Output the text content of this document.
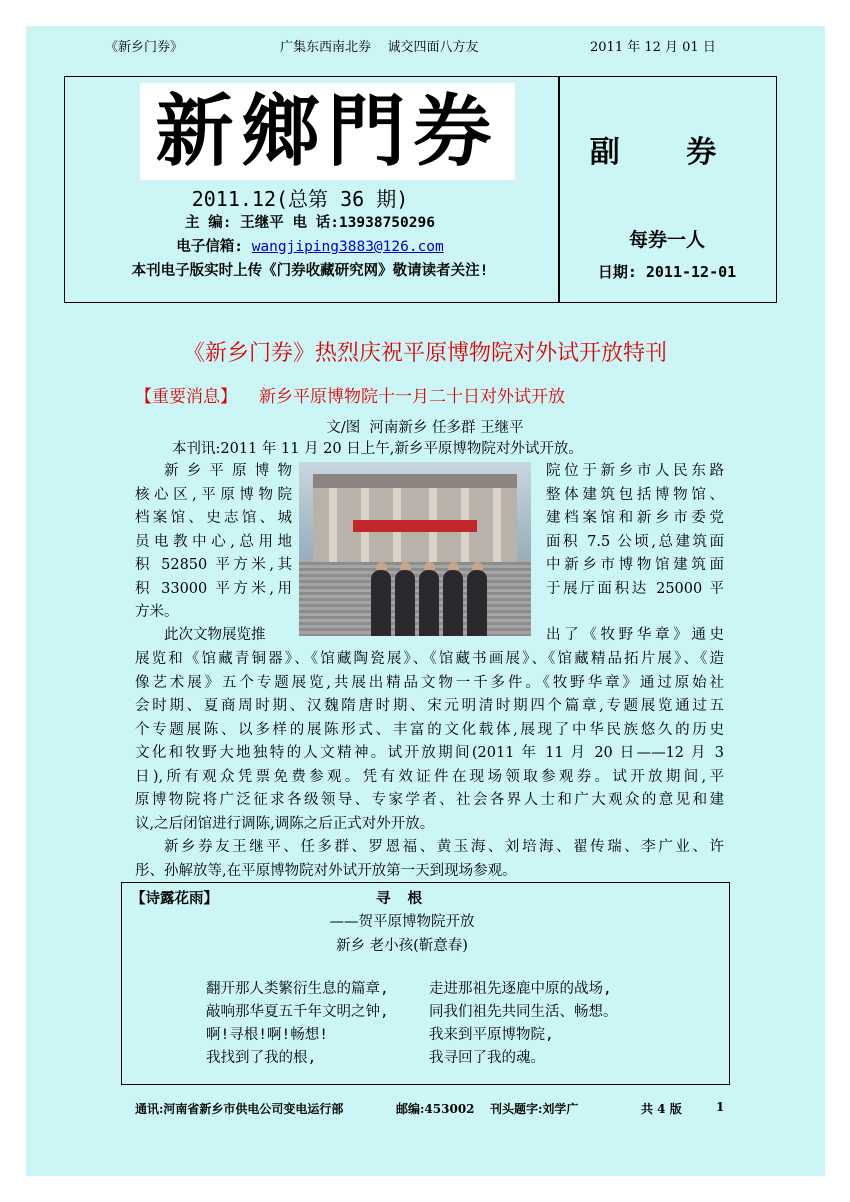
《新乡门券》	广集东西南北券    诚交四面八方友	2011 年 12 月 01 日
新鄉門券
2011.12(总第 36 期)
主 编: 王继平 电 话:13938750296
电子信箱: wangjiping3883@126.com
本刊电子版实时上传《门券收藏研究网》敬请读者关注!
副 券
每券一人
日期: 2011-12-01
《新乡门券》热烈庆祝平原博物院对外试开放特刊
【重要消息】 新乡平原博物院十一月二十日对外试开放
文/图  河南新乡 任多群 王继平
本刊讯:2011 年 11 月 20 日上午,新乡平原博物院对外试开放。
新乡平原博物
核心区,平原博物院
档案馆、史志馆、城
员电教中心,总用地
积 52850 平方米,其
积 33000 平方米,用
方米。
院位于新乡市人民东路
整体建筑包括博物馆、
建档案馆和新乡市委党
面积 7.5 公顷,总建筑面
中新乡市博物馆建筑面
于展厅面积达 25000 平
此次文物展览推	出了《牧野华章》通史
展览和《馆藏青铜器》、《馆藏陶瓷展》、《馆藏书画展》、《馆藏精品拓片展》、《造
像艺术展》五个专题展览,共展出精品文物一千多件。《牧野华章》通过原始社
会时期、夏商周时期、汉魏隋唐时期、宋元明清时期四个篇章,专题展览通过五
个专题展陈、以多样的展陈形式、丰富的文化载体,展现了中华民族悠久的历史
文化和牧野大地独特的人文精神。试开放期间(2011 年 11 月 20 日——12 月 3
日),所有观众凭票免费参观。凭有效证件在现场领取参观券。试开放期间,平
原博物院将广泛征求各级领导、专家学者、社会各界人士和广大观众的意见和建
议,之后闭馆进行调陈,调陈之后正式对外开放。
新乡券友王继平、任多群、罗恩福、黄玉海、刘培海、翟传瑞、李广业、许
彤、孙解放等,在平原博物院对外试开放第一天到现场参观。
【诗露花雨】	寻 根
——贺平原博物院开放
新乡 老小孩(靳意春)
翻开那人类繁衍生息的篇章,	走进那祖先逐鹿中原的战场,
敲响那华夏五千年文明之钟,	同我们祖先共同生活、畅想。
啊!寻根!啊!畅想!	我来到平原博物院,
我找到了我的根,	我寻回了我的魂。
通讯:河南省新乡市供电公司变电运行部	邮编:453002 刊头题字:刘学广	共 4 版	1
